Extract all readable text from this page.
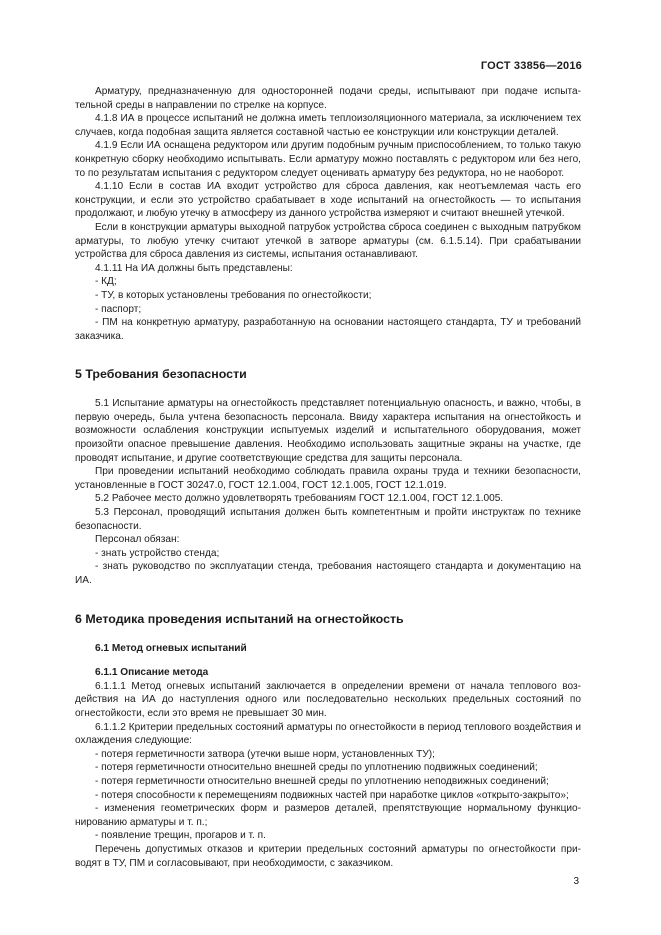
ГОСТ 33856—2016

Арматуру, предназначенную для односторонней подачи среды, испытывают при подаче испытательной среды в направлении по стрелке на корпусе.

4.1.8 ИА в процессе испытаний не должна иметь теплоизоляционного материала, за исключением тех случаев, когда подобная защита является составной частью ее конструкции или конструкции деталей.

4.1.9 Если ИА оснащена редуктором или другим подобным ручным приспособлением, то только такую конкретную сборку необходимо испытывать. Если арматуру можно поставлять с редуктором или без него, то по результатам испытания с редуктором следует оценивать арматуру без редуктора, но не наоборот.

4.1.10 Если в состав ИА входит устройство для сброса давления, как неотъемлемая часть его конструкции, и если это устройство срабатывает в ходе испытаний на огнестойкость — то испытания продолжают, и любую утечку в атмосферу из данного устройства измеряют и считают внешней утечкой.

Если в конструкции арматуры выходной патрубок устройства сброса соединен с выходным патрубком арматуры, то любую утечку считают утечкой в затворе арматуры (см. 6.1.5.14). При срабатывании устройства для сброса давления из системы, испытания останавливают.

4.1.11 На ИА должны быть представлены:

- КД;

- ТУ, в которых установлены требования по огнестойкости;

- паспорт;

- ПМ на конкретную арматуру, разработанную на основании настоящего стандарта, ТУ и требований заказчика.

5 Требования безопасности

5.1 Испытание арматуры на огнестойкость представляет потенциальную опасность, и важно, чтобы, в первую очередь, была учтена безопасность персонала. Ввиду характера испытания на огнестойкость и возможности ослабления конструкции испытуемых изделий и испытательного оборудования, может произойти опасное превышение давления. Необходимо использовать защитные экраны на участке, где проводят испытание, и другие соответствующие средства для защиты персонала.

При проведении испытаний необходимо соблюдать правила охраны труда и техники безопасности, установленные в ГОСТ 30247.0, ГОСТ 12.1.004, ГОСТ 12.1.005, ГОСТ 12.1.019.

5.2 Рабочее место должно удовлетворять требованиям ГОСТ 12.1.004, ГОСТ 12.1.005.

5.3 Персонал, проводящий испытания должен быть компетентным и пройти инструктаж по технике безопасности.

Персонал обязан:

- знать устройство стенда;

- знать руководство по эксплуатации стенда, требования настоящего стандарта и документацию на ИА.

6 Методика проведения испытаний на огнестойкость
6.1 Метод огневых испытаний
6.1.1 Описание метода

6.1.1.1 Метод огневых испытаний заключается в определении времени от начала теплового воздействия на ИА до наступления одного или последовательно нескольких предельных состояний по огнестойкости, если это время не превышает 30 мин.

6.1.1.2 Критерии предельных состояний арматуры по огнестойкости в период теплового воздействия и охлаждения следующие:

- потеря герметичности затвора (утечки выше норм, установленных ТУ);

- потеря герметичности относительно внешней среды по уплотнению подвижных соединений;

- потеря герметичности относительно внешней среды по уплотнению неподвижных соединений;

- потеря способности к перемещениям подвижных частей при наработке циклов «открыто-закрыто»;

- изменения геометрических форм и размеров деталей, препятствующие нормальному функционированию арматуры и т. п.;

- появление трещин, прогаров и т. п.

Перечень допустимых отказов и критерии предельных состояний арматуры по огнестойкости приводят в ТУ, ПМ и согласовывают, при необходимости, с заказчиком.

3
